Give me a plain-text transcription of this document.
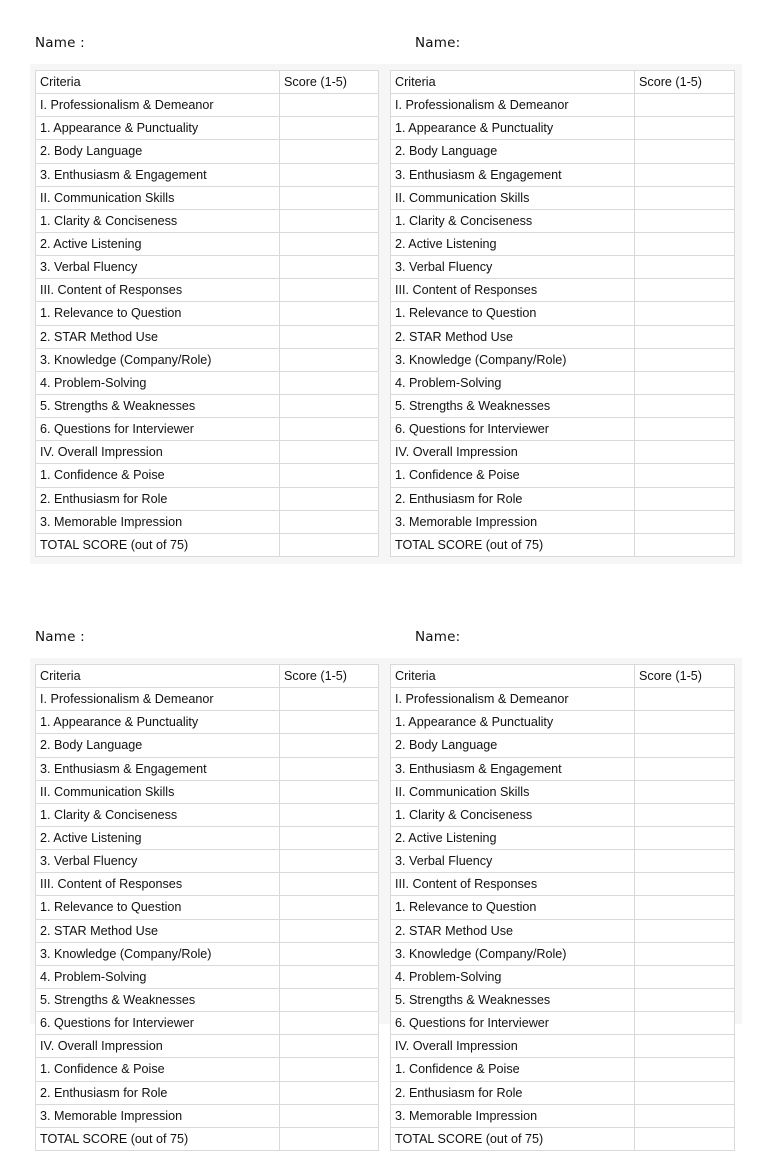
Name :	Name:
Name :	Name:
Criteria	Score (1-5)
I. Professionalism & Demeanor	
1. Appearance & Punctuality	
2. Body Language	
3. Enthusiasm & Engagement	
II. Communication Skills	
1. Clarity & Conciseness	
2. Active Listening	
3. Verbal Fluency	
III. Content of Responses	
1. Relevance to Question	
2. STAR Method Use	
3. Knowledge (Company/Role)	
4. Problem-Solving	
5. Strengths & Weaknesses	
6. Questions for Interviewer	
IV. Overall Impression	
1. Confidence & Poise	
2. Enthusiasm for Role	
3. Memorable Impression	
TOTAL SCORE (out of 75)	
Criteria	Score (1-5)
I. Professionalism & Demeanor	
1. Appearance & Punctuality	
2. Body Language	
3. Enthusiasm & Engagement	
II. Communication Skills	
1. Clarity & Conciseness	
2. Active Listening	
3. Verbal Fluency	
III. Content of Responses	
1. Relevance to Question	
2. STAR Method Use	
3. Knowledge (Company/Role)	
4. Problem-Solving	
5. Strengths & Weaknesses	
6. Questions for Interviewer	
IV. Overall Impression	
1. Confidence & Poise	
2. Enthusiasm for Role	
3. Memorable Impression	
TOTAL SCORE (out of 75)	
Criteria	Score (1-5)
I. Professionalism & Demeanor	
1. Appearance & Punctuality	
2. Body Language	
3. Enthusiasm & Engagement	
II. Communication Skills	
1. Clarity & Conciseness	
2. Active Listening	
3. Verbal Fluency	
III. Content of Responses	
1. Relevance to Question	
2. STAR Method Use	
3. Knowledge (Company/Role)	
4. Problem-Solving	
5. Strengths & Weaknesses	
6. Questions for Interviewer	
IV. Overall Impression	
1. Confidence & Poise	
2. Enthusiasm for Role	
3. Memorable Impression	
TOTAL SCORE (out of 75)	
Criteria	Score (1-5)
I. Professionalism & Demeanor	
1. Appearance & Punctuality	
2. Body Language	
3. Enthusiasm & Engagement	
II. Communication Skills	
1. Clarity & Conciseness	
2. Active Listening	
3. Verbal Fluency	
III. Content of Responses	
1. Relevance to Question	
2. STAR Method Use	
3. Knowledge (Company/Role)	
4. Problem-Solving	
5. Strengths & Weaknesses	
6. Questions for Interviewer	
IV. Overall Impression	
1. Confidence & Poise	
2. Enthusiasm for Role	
3. Memorable Impression	
TOTAL SCORE (out of 75)	
